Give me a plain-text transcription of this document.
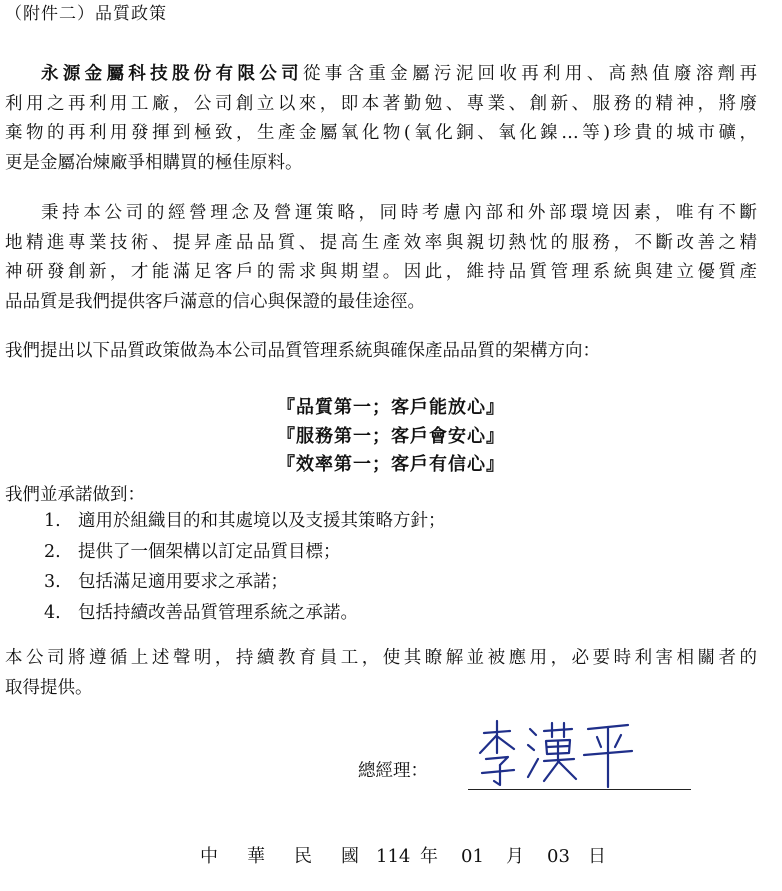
（附件二）品質政策
永源金屬科技股份有限公司從事含重金屬污泥回收再利用、高熱值廢溶劑再
利用之再利用工廠，公司創立以來，即本著勤勉、專業、創新、服務的精神，將廢
棄物的再利用發揮到極致，生產金屬氧化物(氧化銅、氧化鎳…等)珍貴的城市礦，
更是金屬冶煉廠爭相購買的極佳原料。
秉持本公司的經營理念及營運策略，同時考慮內部和外部環境因素，唯有不斷
地精進專業技術、提昇產品品質、提高生產效率與親切熱忱的服務，不斷改善之精
神研發創新，才能滿足客戶的需求與期望。因此，維持品質管理系統與建立優質產
品品質是我們提供客戶滿意的信心與保證的最佳途徑。
我們提出以下品質政策做為本公司品質管理系統與確保產品品質的架構方向：
『品質第一；客戶能放心』
『服務第一；客戶會安心』
『效率第一；客戶有信心』
我們並承諾做到：
1. 適用於組織目的和其處境以及支援其策略方針；
2. 提供了一個架構以訂定品質目標；
3. 包括滿足適用要求之承諾；
4. 包括持續改善品質管理系統之承諾。
本公司將遵循上述聲明，持續教育員工，使其瞭解並被應用，必要時利害相關者的
取得提供。
總經理：
中 華 民 國 114 年 01 月 03 日
